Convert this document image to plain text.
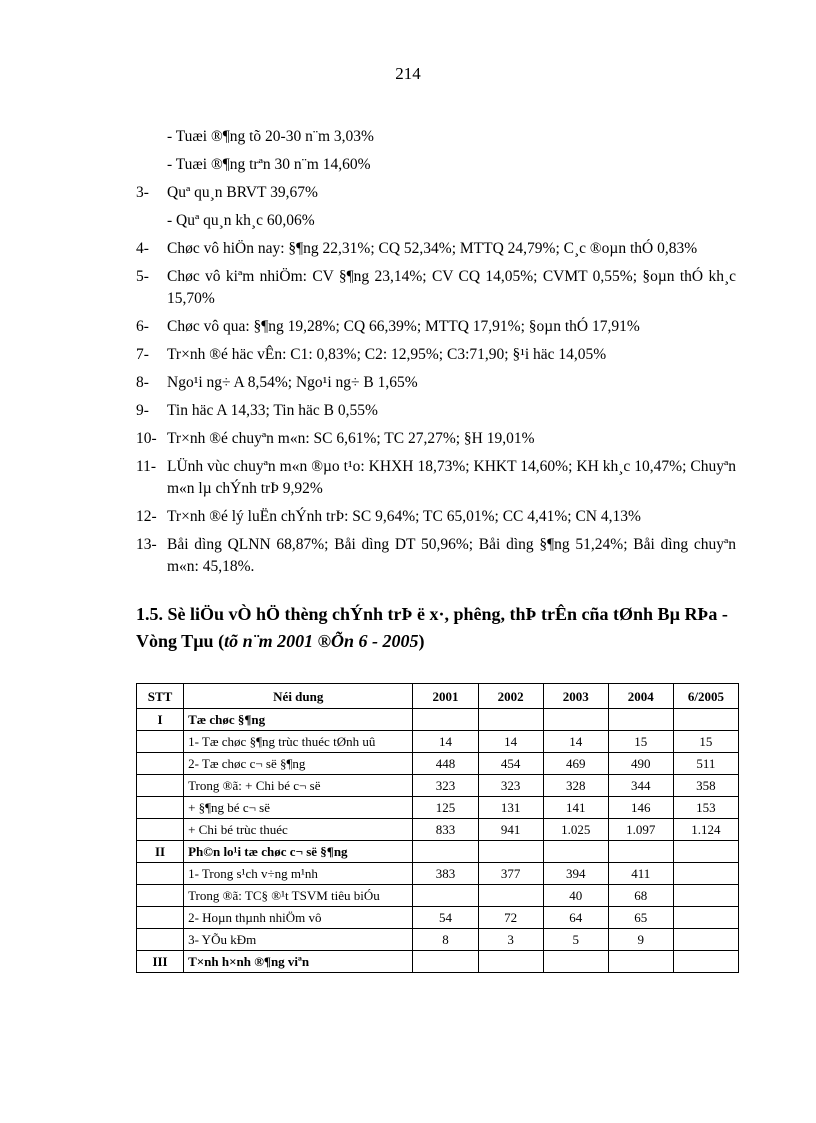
214
- Tuæi ®¶ng tõ 20-30 n¨m 3,03%
- Tuæi ®¶ng trªn 30 n¨m 14,60%
3-	Quª qu¸n BRVT 39,67%
- Quª qu¸n kh¸c 60,06%
4-	Chøc vô hiÖn nay: §¶ng 22,31%; CQ 52,34%; MTTQ 24,79%; C¸c ®oµn thÓ 0,83%
5-	Chøc vô kiªm nhiÖm: CV §¶ng 23,14%; CV CQ 14,05%; CVMT 0,55%; §oµn thÓ kh¸c 15,70%
6-	Chøc vô qua: §¶ng 19,28%; CQ 66,39%; MTTQ 17,91%; §oµn thÓ 17,91%
7-	Tr×nh ®é häc vÊn: C1: 0,83%; C2: 12,95%; C3:71,90; §¹i häc 14,05%
8-	Ngo¹i ng÷ A 8,54%; Ngo¹i ng÷ B 1,65%
9-	Tin häc A 14,33; Tin häc B 0,55%
10- Tr×nh ®é chuyªn m«n: SC 6,61%; TC 27,27%; §H 19,01%
11- LÜnh vùc chuyªn m«n ®µo t¹o: KHXH 18,73%; KHKT 14,60%; KH kh¸c 10,47%; Chuyªn m«n lµ chÝnh trÞ 9,92%
12- Tr×nh ®é lý luËn chÝnh trÞ: SC 9,64%; TC 65,01%; CC 4,41%; CN 4,13%
13- Båi dìng QLNN 68,87%; Båi dìng DT 50,96%; Båi dìng §¶ng 51,24%; Båi dìng chuyªn m«n: 45,18%.
1.5. Sè liÖu vÒ hÖ thèng chÝnh trÞ ë x·, phêng, thÞ trÊn cña tØnh Bµ RÞa - Vòng Tµu (tõ n¨m 2001 ®Õn 6 - 2005)
STT	Néi dung	2001	2002	2003	2004	6/2005
I	Tæ chøc §¶ng					
	1- Tæ chøc §¶ng trùc thuéc tØnh uû	14	14	14	15	15
	2- Tæ chøc c¬ së §¶ng	448	454	469	490	511
	Trong ®ã: + Chi bé c¬ së	323	323	328	344	358
	+ §¶ng bé c¬ së	125	131	141	146	153
	+ Chi bé trùc thuéc	833	941	1.025	1.097	1.124
II	Ph©n lo¹i tæ chøc c¬ së §¶ng					
	1- Trong s¹ch v÷ng m¹nh	383	377	394	411	
	Trong ®ã: TC§ ®¹t TSVM tiêu biÓu			40	68	
	2- Hoµn thµnh nhiÖm vô	54	72	64	65	
	3- YÕu kÐm	8	3	5	9	
III	T×nh h×nh ®¶ng viªn					
